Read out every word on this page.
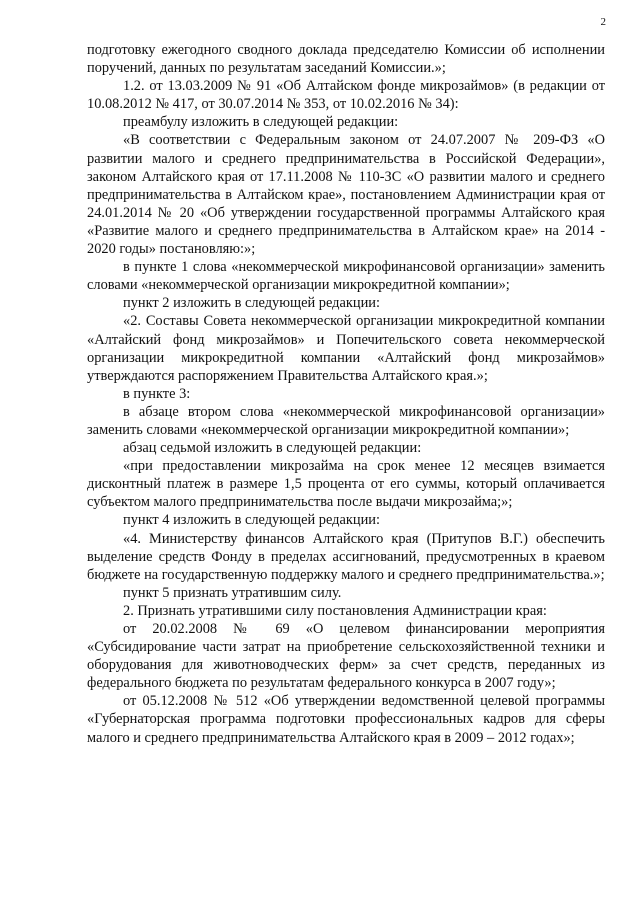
2

подготовку ежегодного сводного доклада председателю Комиссии об исполнении поручений, данных по результатам заседаний Комиссии.»;

1.2. от 13.03.2009 № 91 «Об Алтайском фонде микрозаймов» (в редакции от 10.08.2012 № 417, от 30.07.2014 № 353, от 10.02.2016 № 34):

преамбулу изложить в следующей редакции:

«В соответствии с Федеральным законом от 24.07.2007 № 209-ФЗ «О развитии малого и среднего предпринимательства в Российской Федерации», законом Алтайского края от 17.11.2008 № 110-ЗС «О развитии малого и среднего предпринимательства в Алтайском крае», постановлением Администрации края от 24.01.2014 № 20 «Об утверждении государственной программы Алтайского края «Развитие малого и среднего предпринимательства в Алтайском крае» на 2014 - 2020 годы» постановляю:»;

в пункте 1 слова «некоммерческой микрофинансовой организации» заменить словами «некоммерческой организации микрокредитной компании»;

пункт 2 изложить в следующей редакции:

«2. Составы Совета некоммерческой организации микрокредитной компании «Алтайский фонд микрозаймов» и Попечительского совета некоммерческой организации микрокредитной компании «Алтайский фонд микрозаймов» утверждаются распоряжением Правительства Алтайского края.»;

в пункте 3:

в абзаце втором слова «некоммерческой микрофинансовой организации» заменить словами «некоммерческой организации микрокредитной компании»;

абзац седьмой изложить в следующей редакции:

«при предоставлении микрозайма на срок менее 12 месяцев взимается дисконтный платеж в размере 1,5 процента от его суммы, который оплачивается субъектом малого предпринимательства после выдачи микрозайма;»;

пункт 4 изложить в следующей редакции:

«4. Министерству финансов Алтайского края (Притупов В.Г.) обеспечить выделение средств Фонду в пределах ассигнований, предусмотренных в краевом бюджете на государственную поддержку малого и среднего предпринимательства.»;

пункт 5 признать утратившим силу.

2. Признать утратившими силу постановления Администрации края:

от 20.02.2008 № 69 «О целевом финансировании мероприятия «Субсидирование части затрат на приобретение сельскохозяйственной техники и оборудования для животноводческих ферм» за счет средств, переданных из федерального бюджета по результатам федерального конкурса в 2007 году»;

от 05.12.2008 № 512 «Об утверждении ведомственной целевой программы «Губернаторская программа подготовки профессиональных кадров для сферы малого и среднего предпринимательства Алтайского края в 2009 – 2012 годах»;
